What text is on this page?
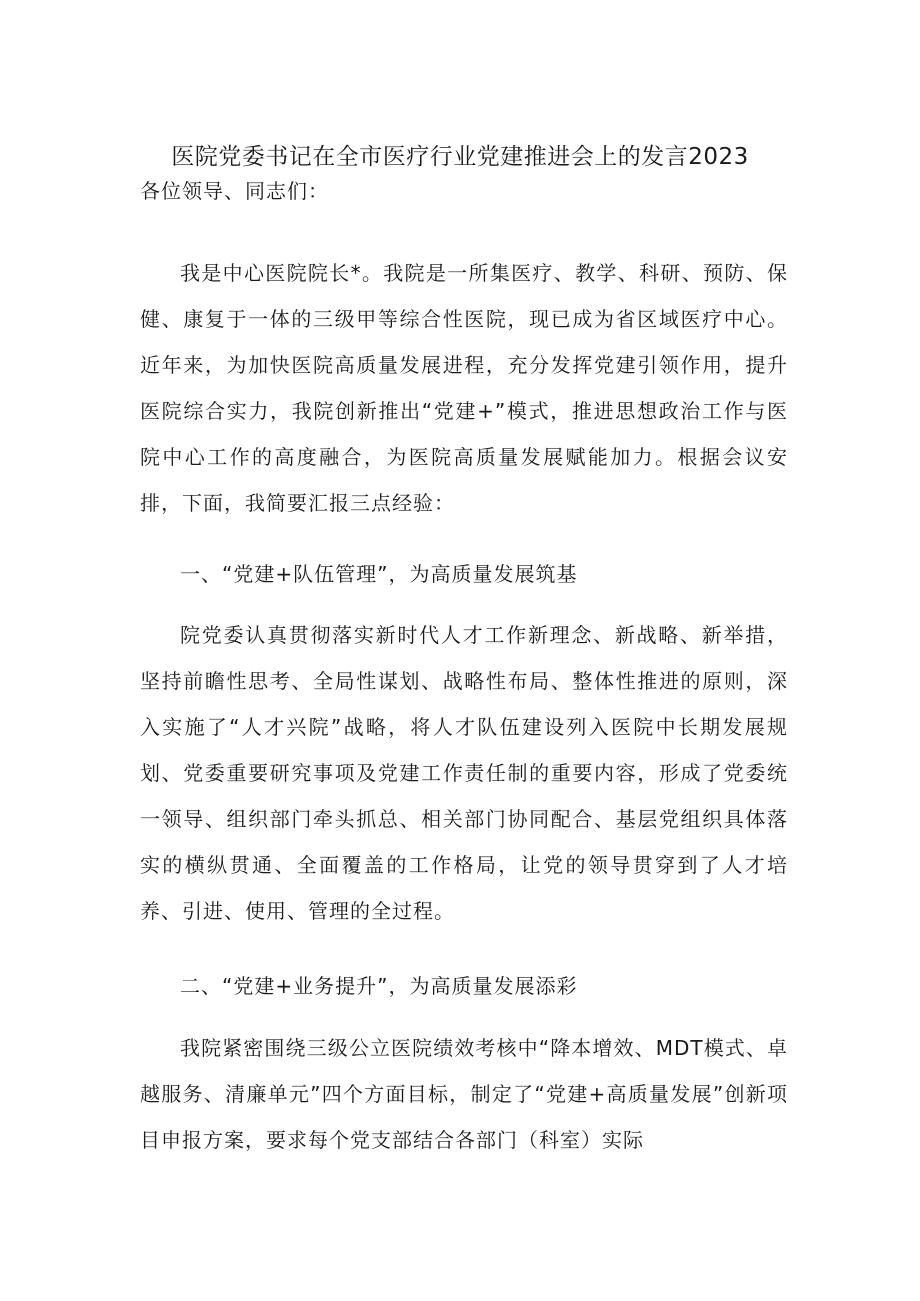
医院党委书记在全市医疗行业党建推进会上的发言2023
各位领导、同志们：
我是中心医院院长*。我院是一所集医疗、教学、科研、预防、保健、康复于一体的三级甲等综合性医院，现已成为省区域医疗中心。近年来，为加快医院高质量发展进程，充分发挥党建引领作用，提升医院综合实力，我院创新推出“党建+”模式，推进思想政治工作与医院中心工作的高度融合，为医院高质量发展赋能加力。根据会议安排，下面，我简要汇报三点经验：
一、“党建+队伍管理”，为高质量发展筑基
院党委认真贯彻落实新时代人才工作新理念、新战略、新举措，坚持前瞻性思考、全局性谋划、战略性布局、整体性推进的原则，深入实施了“人才兴院”战略，将人才队伍建设列入医院中长期发展规划、党委重要研究事项及党建工作责任制的重要内容，形成了党委统一领导、组织部门牵头抓总、相关部门协同配合、基层党组织具体落实的横纵贯通、全面覆盖的工作格局，让党的领导贯穿到了人才培养、引进、使用、管理的全过程。
二、“党建+业务提升”，为高质量发展添彩
我院紧密围绕三级公立医院绩效考核中“降本增效、MDT模式、卓越服务、清廉单元”四个方面目标，制定了“党建+高质量发展”创新项目申报方案，要求每个党支部结合各部门（科室）实际
